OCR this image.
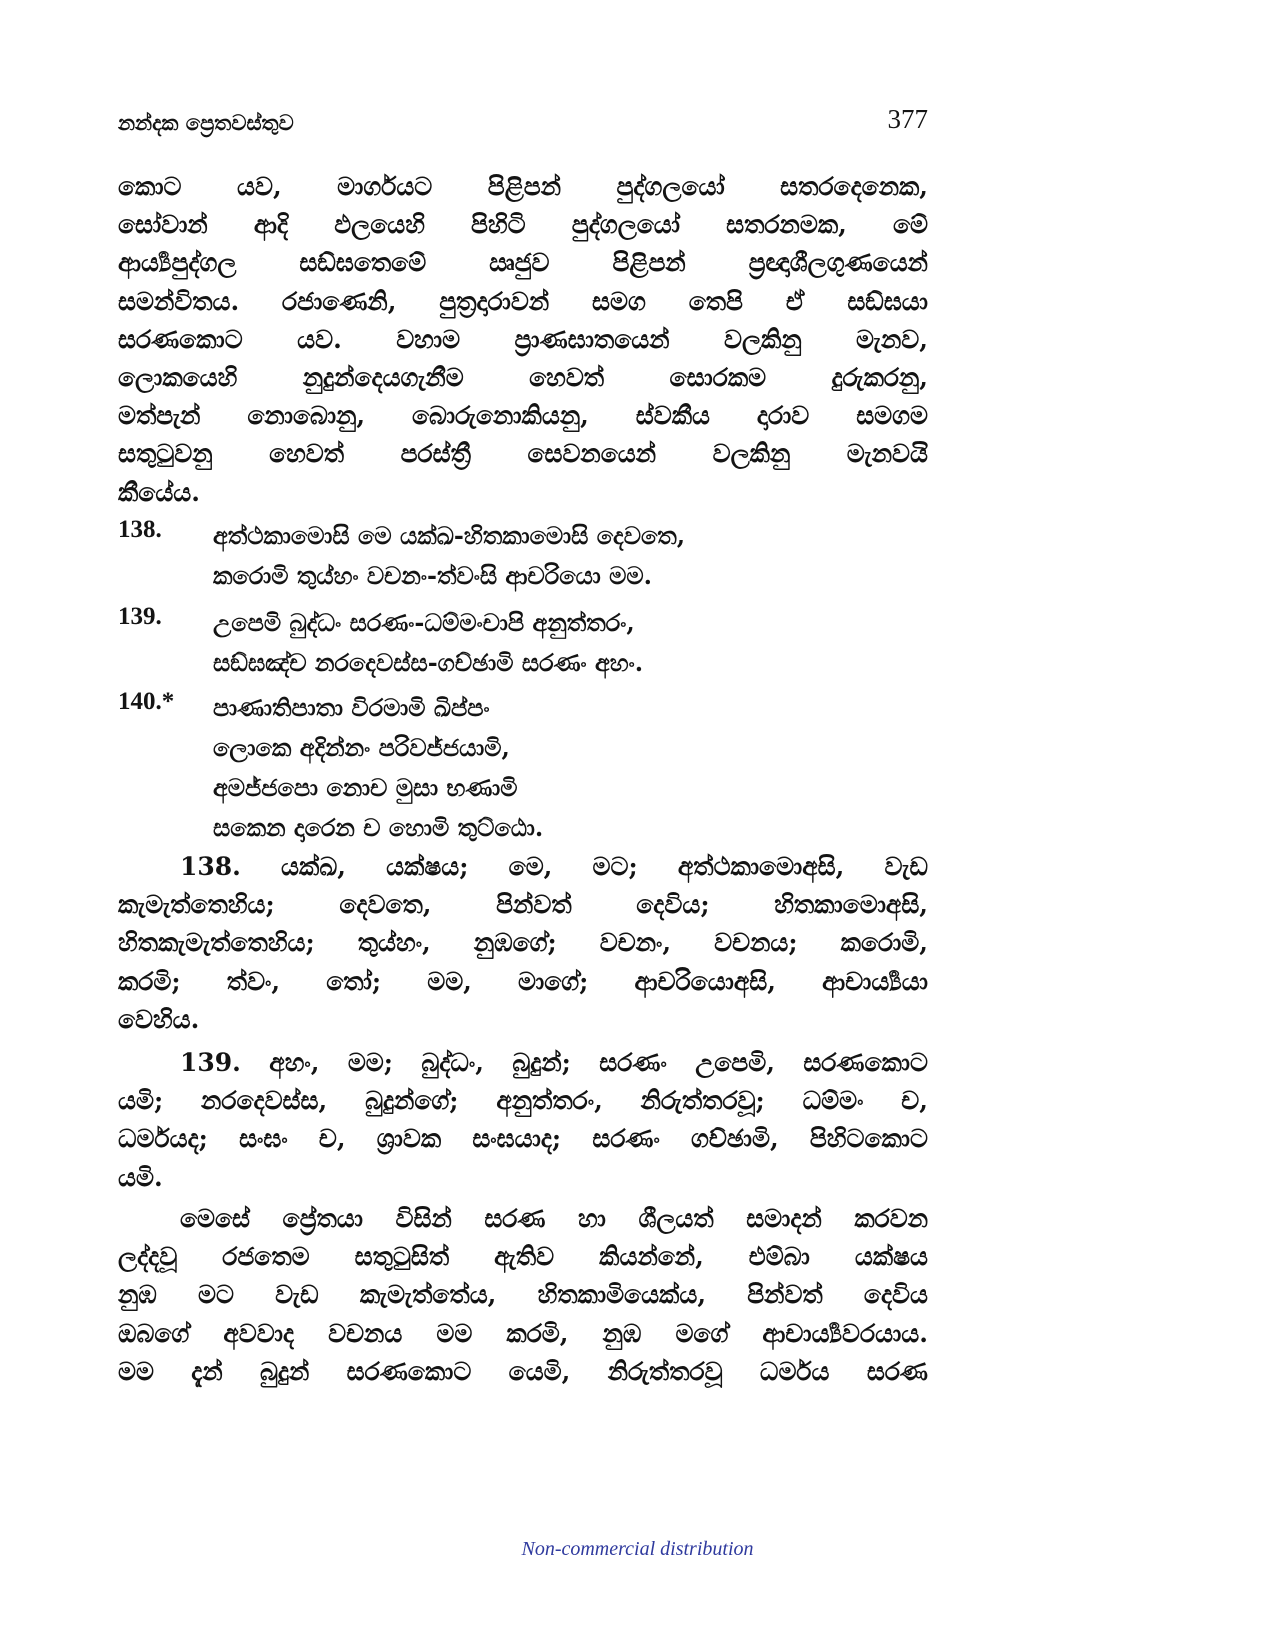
නන්දක ප්‍රෙතවස්තුව	377
කොට යව, මාර්ගයට පිළිපන් පුද්ගලයෝ සතරදෙනෙක,
සෝවාන් ආදි ඵලයෙහි පිහිටි පුද්ගලයෝ සතරනමක, මේ
ආර්‍ය්‍යපුද්ගල සඞ්ඝතෙමේ ඍජුව පිළිපන් ප්‍රඥාශීලගුණයෙන්
සමන්විතය. රජාණෙනි, පුත්‍රදාරාවන් සමග තෙපි ඒ සඞ්ඝයා
සරණකොට යව. වහාම ප්‍රාණඝාතයෙන් වලකිනු මැනව,
ලොකයෙහි නුදුන්දෙයගැනීම හෙවත් සොරකම දුරුකරනු,
මත්පැන් නොබොනු, බොරුනොකියනු, ස්වකීය දාරාව සමගම
සතුටුවනු හෙවත් පරස්ත්‍රී සෙවනයෙන් වලකිනු මැනවයි
කීයේය.
138. අත්ථකාමොසි මෙ යක්ඛ-හිතකාමොසි දෙවතෙ,
කරොමි තුය්හං වචනං-ත්වංසි ආචරියො මම.
139. උපෙමි බුද්ධං සරණං-ධම්මංචාපි අනුත්තරං,
සඞ්ඝඤ්ච නරදෙවස්ස-ගච්ඡාමි සරණං අහං.
140.* පාණාතිපාතා විරමාමි ඛිප්පං
ලොකෙ අදින්නං පරිවජ්ජයාමි,
අමජ්ජපො නොච මුසා භණාමි
සකෙන දාරෙන ච හොමි තුට්ඨො.
138. යක්ඛ, යක්ෂය; මෙ, මට; අත්ථකාමොඅසි, වැඩ
කැමැත්තෙහිය; දෙවතෙ, පින්වත් දෙවිය; හිතකාමොඅසි,
හිතකැමැත්තෙහිය; තුය්හං, නුඹගේ; වචනං, වචනය; කරොමි,
කරමි; ත්වං, තෝ; මම, මාගේ; ආචරියොඅසි, ආචාර්‍ය්‍යයා
වෙහිය.
139. අහං, මම; බුද්ධං, බුදුන්; සරණං උපෙමි, සරණකොට
යමි; නරදෙවස්ස, බුදුන්ගේ; අනුත්තරං, නිරුත්තරවූ; ධම්මං ච,
ධර්මයද; සංඝං ච, ශ්‍රාවක සංඝයාද; සරණං ගච්ඡාමි, පිහිටකොට
යමි.
මෙසේ ප්‍රේතයා විසින් සරණ හා ශීලයත් සමාදන් කරවන
ලද්දවූ රජතෙම සතුටුසිත් ඇතිව කියන්නේ, එම්බා යක්ෂය
නුඹ මට වැඩ කැමැත්තේය, හිතකාමියෙක්ය, පින්වත් දෙවිය
ඔබගේ අවවාද වචනය මම කරමි, නුඹ මගේ ආචාර්‍ය්‍යවරයාය.
මම දැන් බුදුන් සරණකොට යෙමි, නිරුත්තරවූ ධර්මය සරණ
Non-commercial distribution
